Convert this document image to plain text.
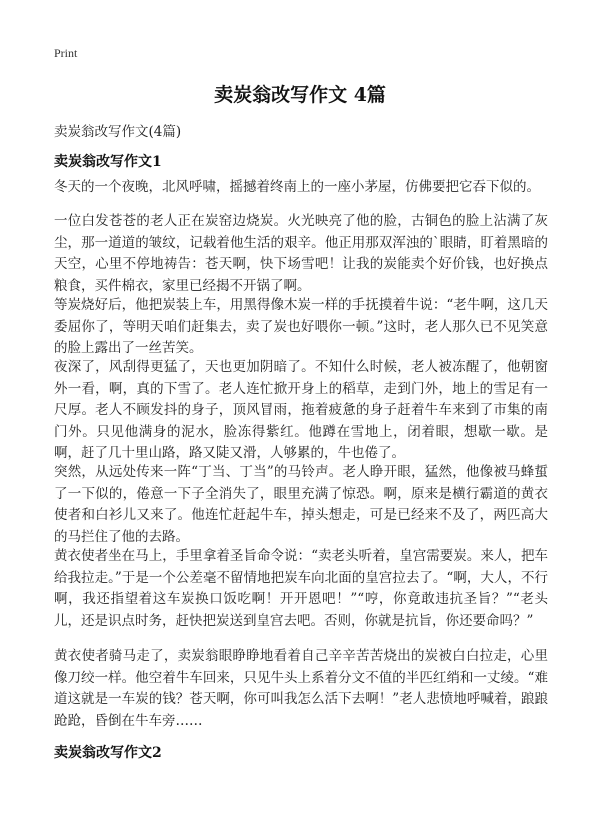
Print
卖炭翁改写作文 4篇
卖炭翁改写作文(4篇)
卖炭翁改写作文1
冬天的一个夜晚，北风呼啸，摇撼着终南上的一座小茅屋，仿佛要把它吞下似的。
一位白发苍苍的老人正在炭窑边烧炭。火光映亮了他的脸，古铜色的脸上沾满了灰尘，那一道道的皱纹，记载着他生活的艰辛。他正用那双浑浊的`眼睛，盯着黑暗的天空，心里不停地祷告：苍天啊，快下场雪吧！让我的炭能卖个好价钱，也好换点粮食，买件棉衣，家里已经揭不开锅了啊。
等炭烧好后，他把炭装上车，用黑得像木炭一样的手抚摸着牛说：“老牛啊，这几天委屈你了，等明天咱们赶集去，卖了炭也好喂你一顿。”这时，老人那久已不见笑意的脸上露出了一丝苦笑。
夜深了，风刮得更猛了，天也更加阴暗了。不知什么时候，老人被冻醒了，他朝窗外一看，啊，真的下雪了。老人连忙掀开身上的稻草，走到门外，地上的雪足有一尺厚。老人不顾发抖的身子，顶风冒雨，拖着疲惫的身子赶着牛车来到了市集的南门外。只见他满身的泥水，脸冻得紫红。他蹲在雪地上，闭着眼，想歇一歇。是啊，赶了几十里山路，路又陡又滑，人够累的，牛也倦了。
突然，从远处传来一阵“丁当、丁当”的马铃声。老人睁开眼，猛然，他像被马蜂蜇了一下似的，倦意一下子全消失了，眼里充满了惊恐。啊，原来是横行霸道的黄衣使者和白衫儿又来了。他连忙赶起牛车，掉头想走，可是已经来不及了，两匹高大的马拦住了他的去路。
黄衣使者坐在马上，手里拿着圣旨命令说：“卖老头听着，皇宫需要炭。来人，把车给我拉走。”于是一个公差毫不留情地把炭车向北面的皇宫拉去了。“啊，大人，不行啊，我还指望着这车炭换口饭吃啊！开开恩吧！”“哼，你竟敢违抗圣旨？”“老头儿，还是识点时务，赶快把炭送到皇宫去吧。否则，你就是抗旨，你还要命吗？”
黄衣使者骑马走了，卖炭翁眼睁睁地看着自己辛辛苦苦烧出的炭被白白拉走，心里像刀绞一样。他空着牛车回来，只见牛头上系着分文不值的半匹红绡和一丈绫。“难道这就是一车炭的钱？苍天啊，你可叫我怎么活下去啊！”老人悲愤地呼喊着，踉踉跄跄，昏倒在牛车旁……
卖炭翁改写作文2
